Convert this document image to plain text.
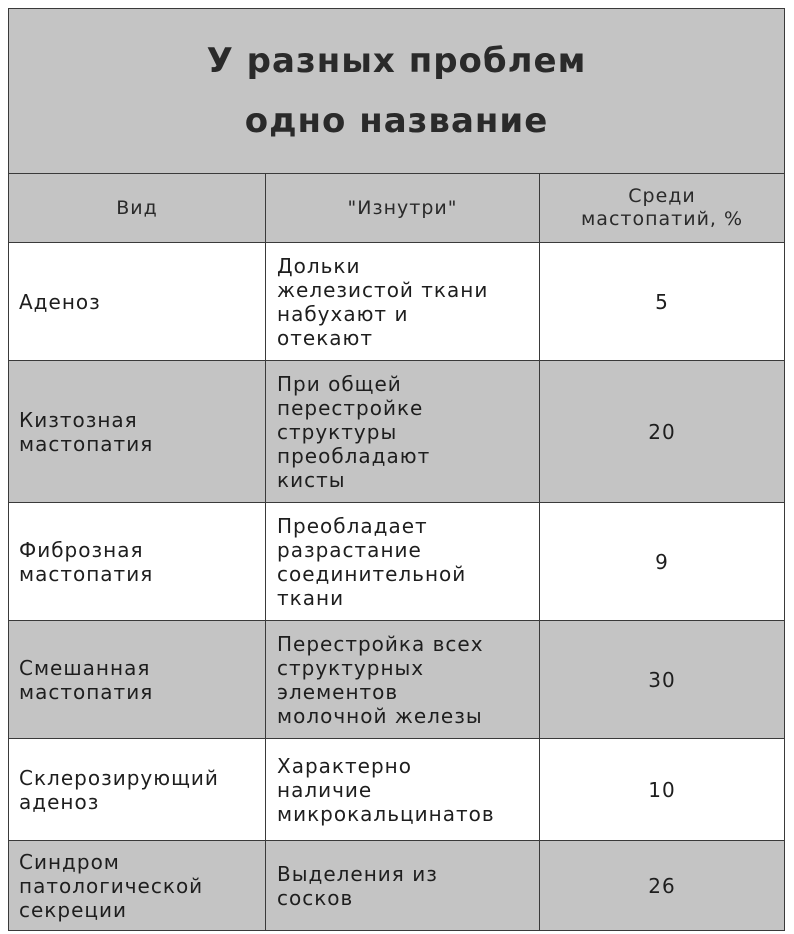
У разных проблем
одно название		

Вид	"Изнутри"	Среди
мастопатий, %

Аденоз	Дольки
железистой ткани
набухают и
отекают	5

Кизтозная
мастопатия	При общей
перестройке
структуры
преобладают
кисты	20

Фиброзная
мастопатия	Преобладает
разрастание
соединительной
ткани	9

Смешанная
мастопатия	Перестройка всех
структурных
элементов
молочной железы	30

Склерозирующий
аденоз	Характерно
наличие
микрокальцинатов	10

Синдром
патологической
секреции	Выделения из
сосков	26
